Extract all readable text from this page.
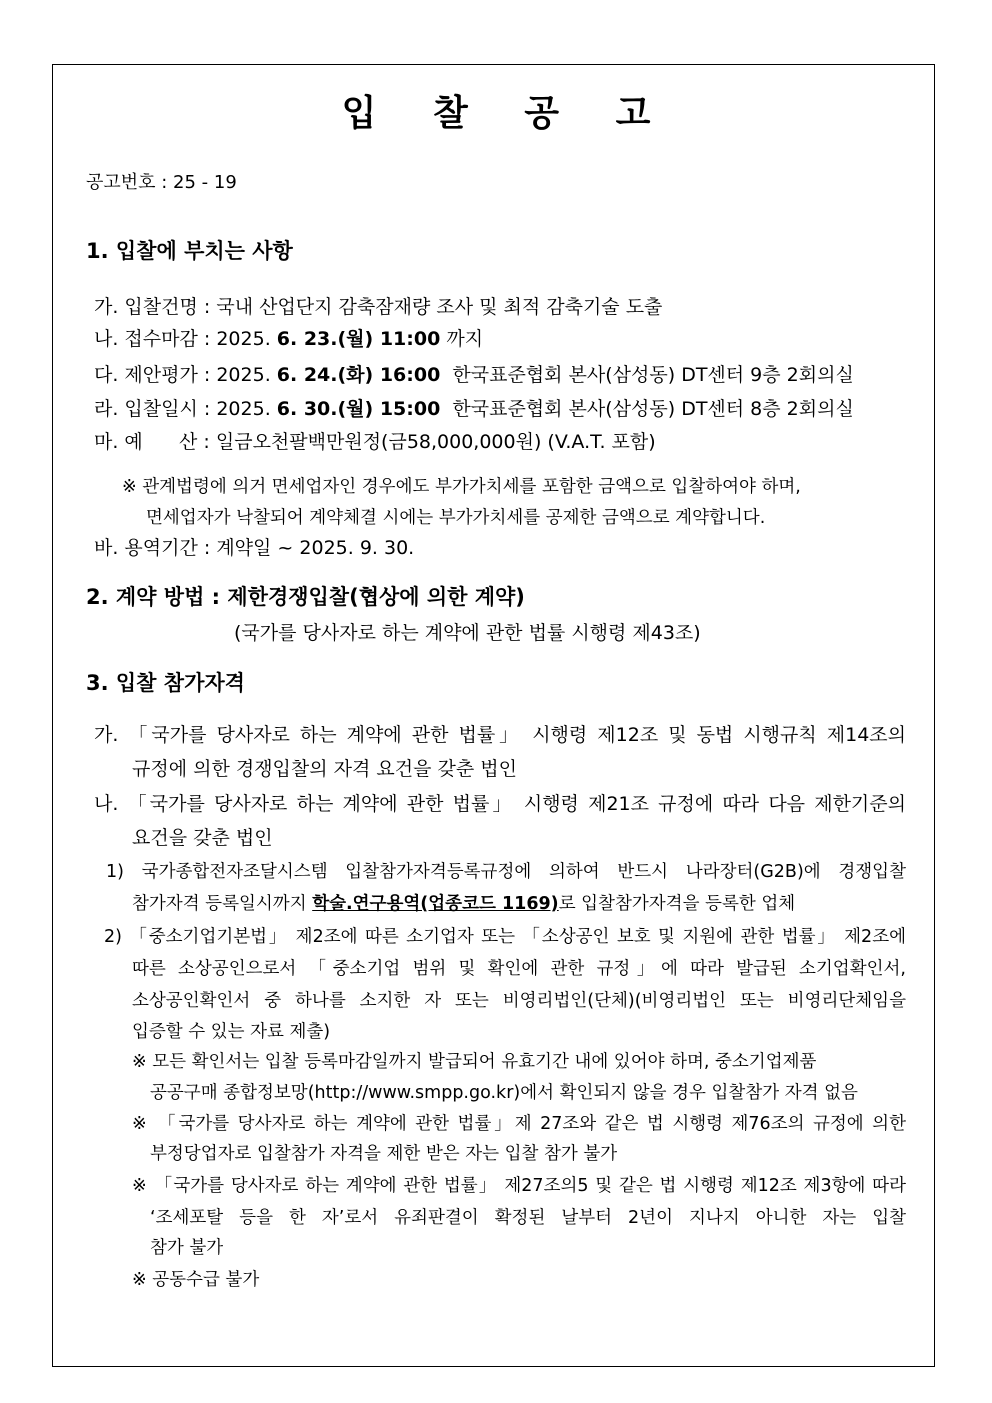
입 찰 공 고
공고번호 : 25 - 19
1. 입찰에 부치는 사항
가. 입찰건명 : 국내 산업단지 감축잠재량 조사 및 최적 감축기술 도출
나. 접수마감 : 2025. 6. 23.(월) 11:00 까지
다. 제안평가 : 2025. 6. 24.(화) 16:00  한국표준협회 본사(삼성동) DT센터 9층 2회의실
라. 입찰일시 : 2025. 6. 30.(월) 15:00  한국표준협회 본사(삼성동) DT센터 8층 2회의실
마. 예      산 : 일금오천팔백만원정(금58,000,000원) (V.A.T. 포함)
※ 관계법령에 의거 면세업자인 경우에도 부가가치세를 포함한 금액으로 입찰하여야 하며,
면세업자가 낙찰되어 계약체결 시에는 부가가치세를 공제한 금액으로 계약합니다.
바. 용역기간 : 계약일 ~ 2025. 9. 30.
2. 계약 방법 : 제한경쟁입찰(협상에 의한 계약)
(국가를 당사자로 하는 계약에 관한 법률 시행령 제43조)
3. 입찰 참가자격
가. 「국가를 당사자로 하는 계약에 관한 법률」 시행령 제12조 및 동법 시행규칙 제14조의
규정에 의한 경쟁입찰의 자격 요건을 갖춘 법인
나. 「국가를 당사자로 하는 계약에 관한 법률」 시행령 제21조 규정에 따라 다음 제한기준의
요건을 갖춘 법인
1) 국가종합전자조달시스템 입찰참가자격등록규정에 의하여 반드시 나라장터(G2B)에 경쟁입찰
참가자격 등록일시까지 학술.연구용역(업종코드 1169)로 입찰참가자격을 등록한 업체
2) 「중소기업기본법」 제2조에 따른 소기업자 또는 「소상공인 보호 및 지원에 관한 법률」 제2조에
따른 소상공인으로서 「중소기업 범위 및 확인에 관한 규정」에 따라 발급된 소기업확인서,
소상공인확인서 중 하나를 소지한 자 또는 비영리법인(단체)(비영리법인 또는 비영리단체임을
입증할 수 있는 자료 제출)
※ 모든 확인서는 입찰 등록마감일까지 발급되어 유효기간 내에 있어야 하며, 중소기업제품
공공구매 종합정보망(http://www.smpp.go.kr)에서 확인되지 않을 경우 입찰참가 자격 없음
※ 「국가를 당사자로 하는 계약에 관한 법률」제 27조와 같은 법 시행령 제76조의 규정에 의한
부정당업자로 입찰참가 자격을 제한 받은 자는 입찰 참가 불가
※ 「국가를 당사자로 하는 계약에 관한 법률」 제27조의5 및 같은 법 시행령 제12조 제3항에 따라
‘조세포탈 등을 한 자’로서 유죄판결이 확정된 날부터 2년이 지나지 아니한 자는 입찰
참가 불가
※ 공동수급 불가
